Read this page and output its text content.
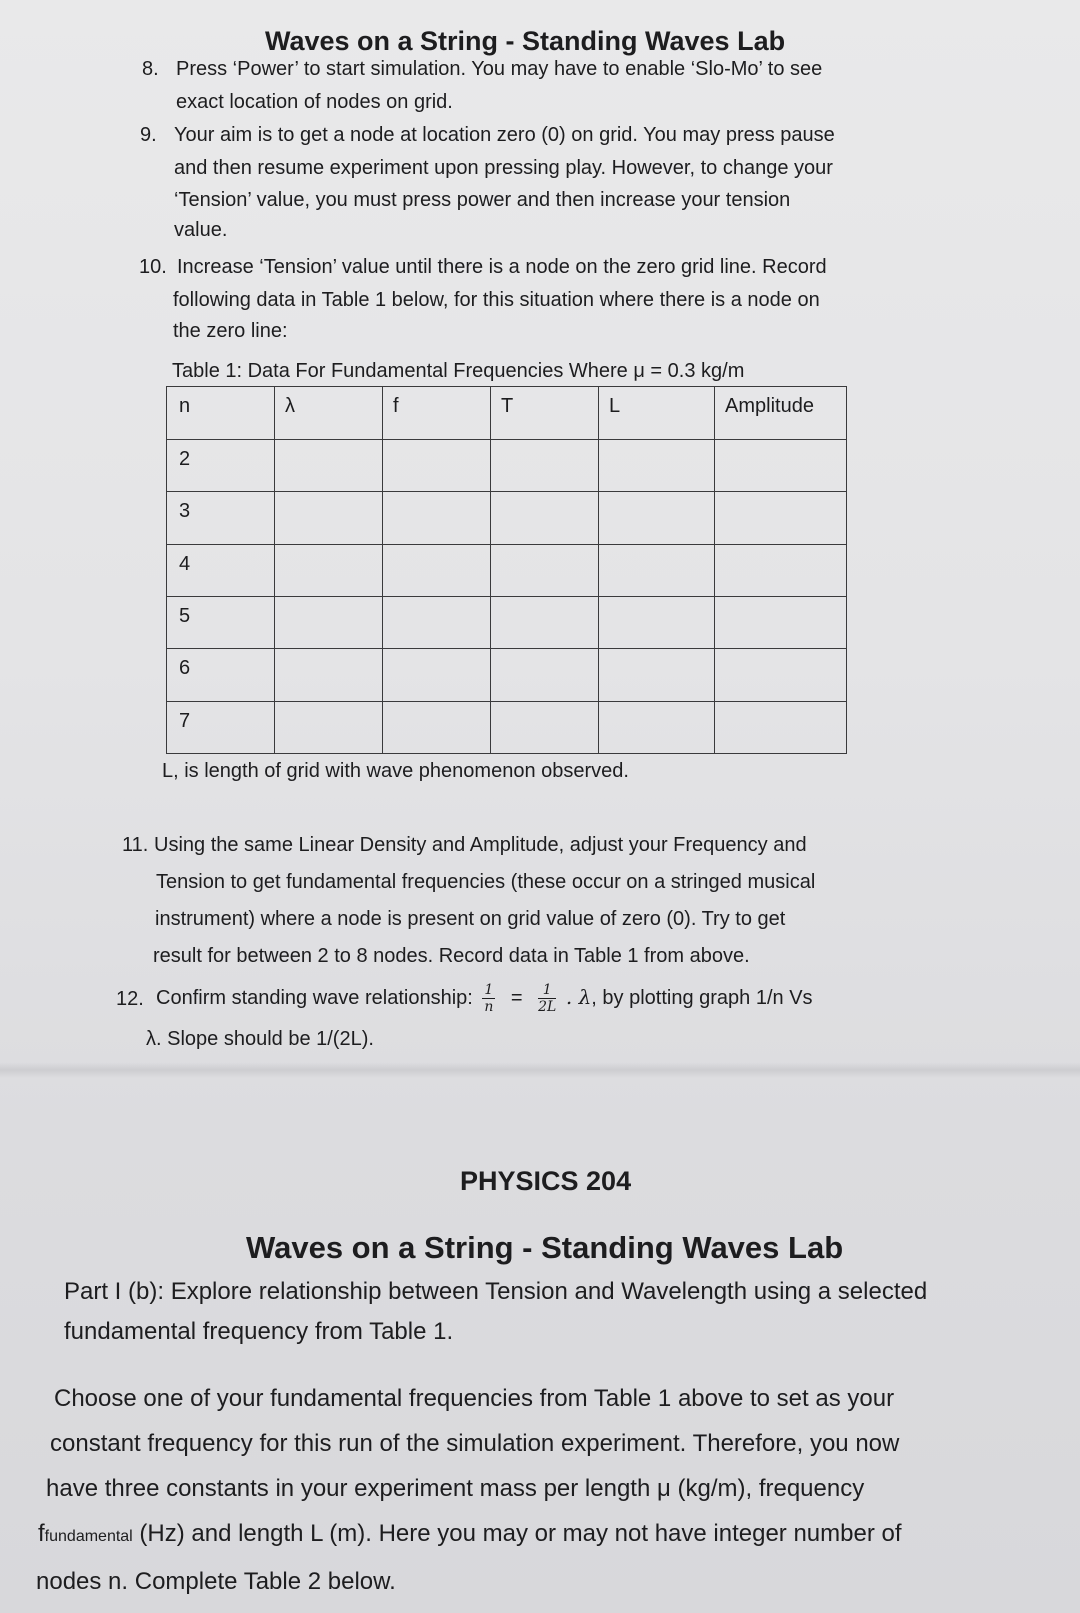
Waves on a String - Standing Waves Lab
8. Press ‘Power’ to start simulation. You may have to enable ‘Slo-Mo’ to see
exact location of nodes on grid.
9. Your aim is to get a node at location zero (0) on grid. You may press pause
and then resume experiment upon pressing play. However, to change your
‘Tension’ value, you must press power and then increase your tension
value.
10. Increase ‘Tension’ value until there is a node on the zero grid line. Record
following data in Table 1 below, for this situation where there is a node on
the zero line:
Table 1: Data For Fundamental Frequencies Where μ = 0.3 kg/m
n	λ	f	T	L	Amplitude
2					
3					
4					
5					
6					
7					
L, is length of grid with wave phenomenon observed.
11. Using the same Linear Density and Amplitude, adjust your Frequency and
Tension to get fundamental frequencies (these occur on a stringed musical
instrument) where a node is present on grid value of zero (0). Try to get
result for between 2 to 8 nodes. Record data in Table 1 from above.
12. Confirm standing wave relationship: $\frac{1}{n} = \frac{1}{2L}$ . λ, by plotting graph 1/n Vs
λ. Slope should be 1/(2L).
PHYSICS 204
Waves on a String - Standing Waves Lab
Part I (b): Explore relationship between Tension and Wavelength using a selected
fundamental frequency from Table 1.
Choose one of your fundamental frequencies from Table 1 above to set as your
constant frequency for this run of the simulation experiment. Therefore, you now
have three constants in your experiment mass per length μ (kg/m), frequency
ffundamental (Hz) and length L (m). Here you may or may not have integer number of
nodes n. Complete Table 2 below.
